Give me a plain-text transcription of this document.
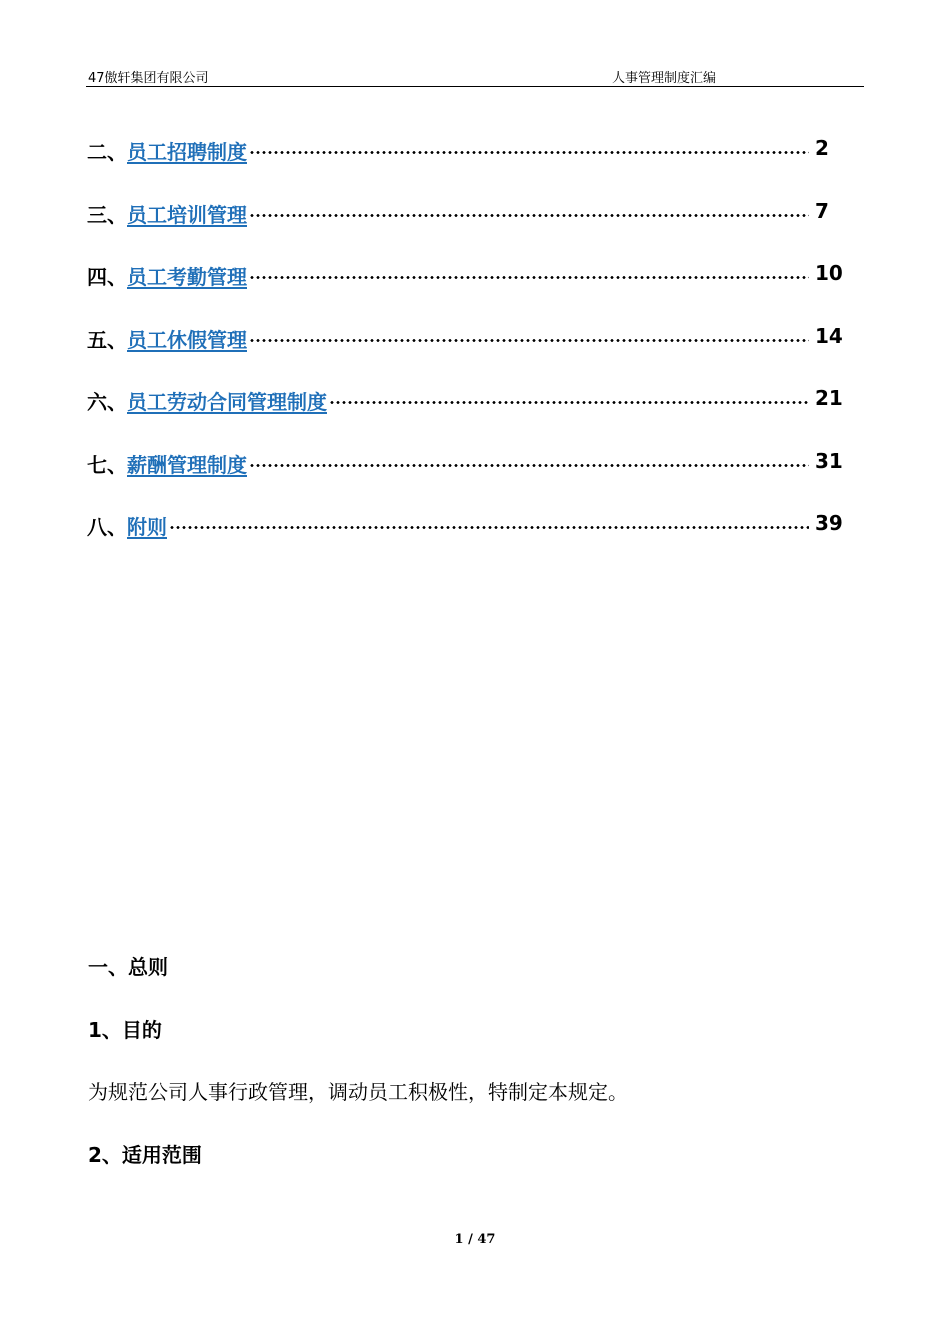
47傲轩集团有限公司	人事管理制度汇编
二、 员工招聘制度	2
三、 员工培训管理	7
四、 员工考勤管理	10
五、 员工休假管理	14
六、 员工劳动合同管理制度	21
七、 薪酬管理制度	31
八、 附则	39
一、总则
1、目的
为规范公司人事行政管理，调动员工积极性，特制定本规定。
2、适用范围
1 / 47
